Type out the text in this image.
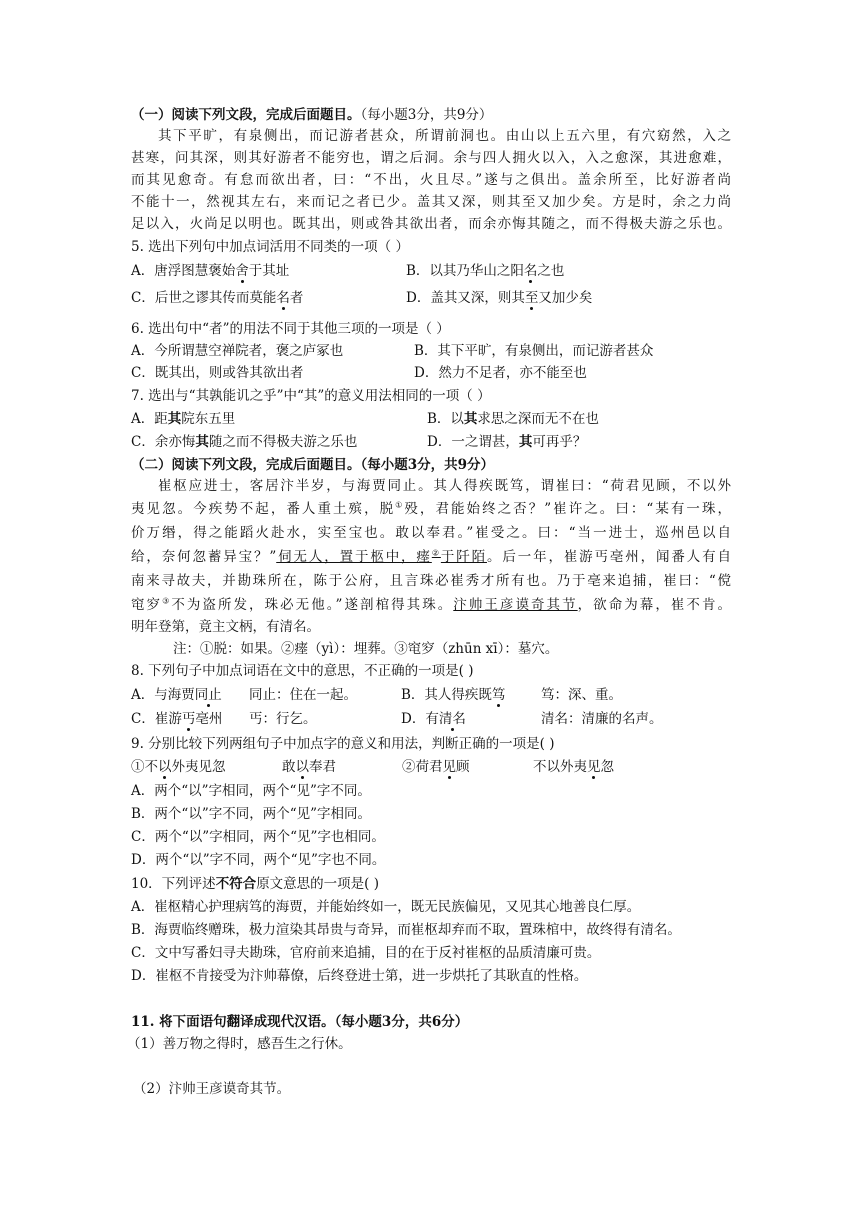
（一）阅读下列文段，完成后面题目。（每小题3分，共9分）
其下平旷，有泉侧出，而记游者甚众，所谓前洞也。由山以上五六里，有穴窈然，入之
甚寒，问其深，则其好游者不能穷也，谓之后洞。余与四人拥火以入，入之愈深，其进愈难，
而其见愈奇。有怠而欲出者，曰：“不出，火且尽。”遂与之俱出。盖余所至，比好游者尚
不能十一，然视其左右，来而记之者已少。盖其又深，则其至又加少矣。方是时，余之力尚
足以入，火尚足以明也。既其出，则或咎其欲出者，而余亦悔其随之，而不得极夫游之乐也。
5. 选出下列句中加点词活用不同类的一项（ ）
A．唐浮图慧褒始舍于其址	B．以其乃华山之阳名之也
C．后世之谬其传而莫能名者	D．盖其又深，则其至又加少矣
6. 选出句中“者”的用法不同于其他三项的一项是（ ）
A．今所谓慧空禅院者，褒之庐冢也	B．其下平旷，有泉侧出，而记游者甚众
C．既其出，则或咎其欲出者	D．然力不足者，亦不能至也
7. 选出与“其孰能讥之乎”中“其”的意义用法相同的一项（ ）
A．距其院东五里	B．以其求思之深而无不在也
C．余亦悔其随之而不得极夫游之乐也	D．一之谓甚，其可再乎？
（二）阅读下列文段，完成后面题目。（每小题3分，共9分）
崔枢应进士，客居汴半岁，与海贾同止。其人得疾既笃，谓崔曰：“荷君见顾，不以外
夷见忽。今疾势不起，番人重土殡，脱①殁，君能始终之否？”崔许之。曰：“某有一珠，
价万缗，得之能蹈火赴水，实至宝也。敢以奉君。”崔受之。曰：“当一进士，巡州邑以自
给，奈何忽蓄异宝？”伺无人，置于柩中，瘗②于阡陌。后一年，崔游丐亳州，闻番人有自
南来寻故夫，并勘珠所在，陈于公府，且言珠必崔秀才所有也。乃于亳来追捕，崔曰：“傥
窀穸③不为盗所发，珠必无他。”遂剖棺得其珠。汴帅王彦谟奇其节，欲命为幕，崔不肯。
明年登第，竟主文柄，有清名。
注：①脱：如果。②瘗（yì）：埋葬。③窀穸（zhūn xī）：墓穴。
8. 下列句子中加点词语在文中的意思，不正确的一项是( )
A．与海贾同止 同止：住在一起。	B．其人得疾既笃	笃：深、重。
C．崔游丐亳州 丐：行乞。	D．有清名	清名：清廉的名声。
9. 分别比较下列两组句子中加点字的意义和用法，判断正确的一项是( )
①不以外夷见忽	敢以奉君	②荷君见顾	不以外夷见忽
A．两个“以”字相同，两个“见”字不同。
B．两个“以”字不同，两个“见”字相同。
C．两个“以”字相同，两个“见”字也相同。
D．两个“以”字不同，两个“见”字也不同。
10．下列评述不符合原文意思的一项是( )
A．崔枢精心护理病笃的海贾，并能始终如一，既无民族偏见，又见其心地善良仁厚。
B．海贾临终赠珠，极力渲染其昂贵与奇异，而崔枢却弃而不取，置珠棺中，故终得有清名。
C．文中写番妇寻夫勘珠，官府前来追捕，目的在于反衬崔枢的品质清廉可贵。
D．崔枢不肯接受为汴帅幕僚，后终登进士第，进一步烘托了其耿直的性格。
11. 将下面语句翻译成现代汉语。（每小题3分，共6分）
（1）善万物之得时，感吾生之行休。
（2）汴帅王彦谟奇其节。
